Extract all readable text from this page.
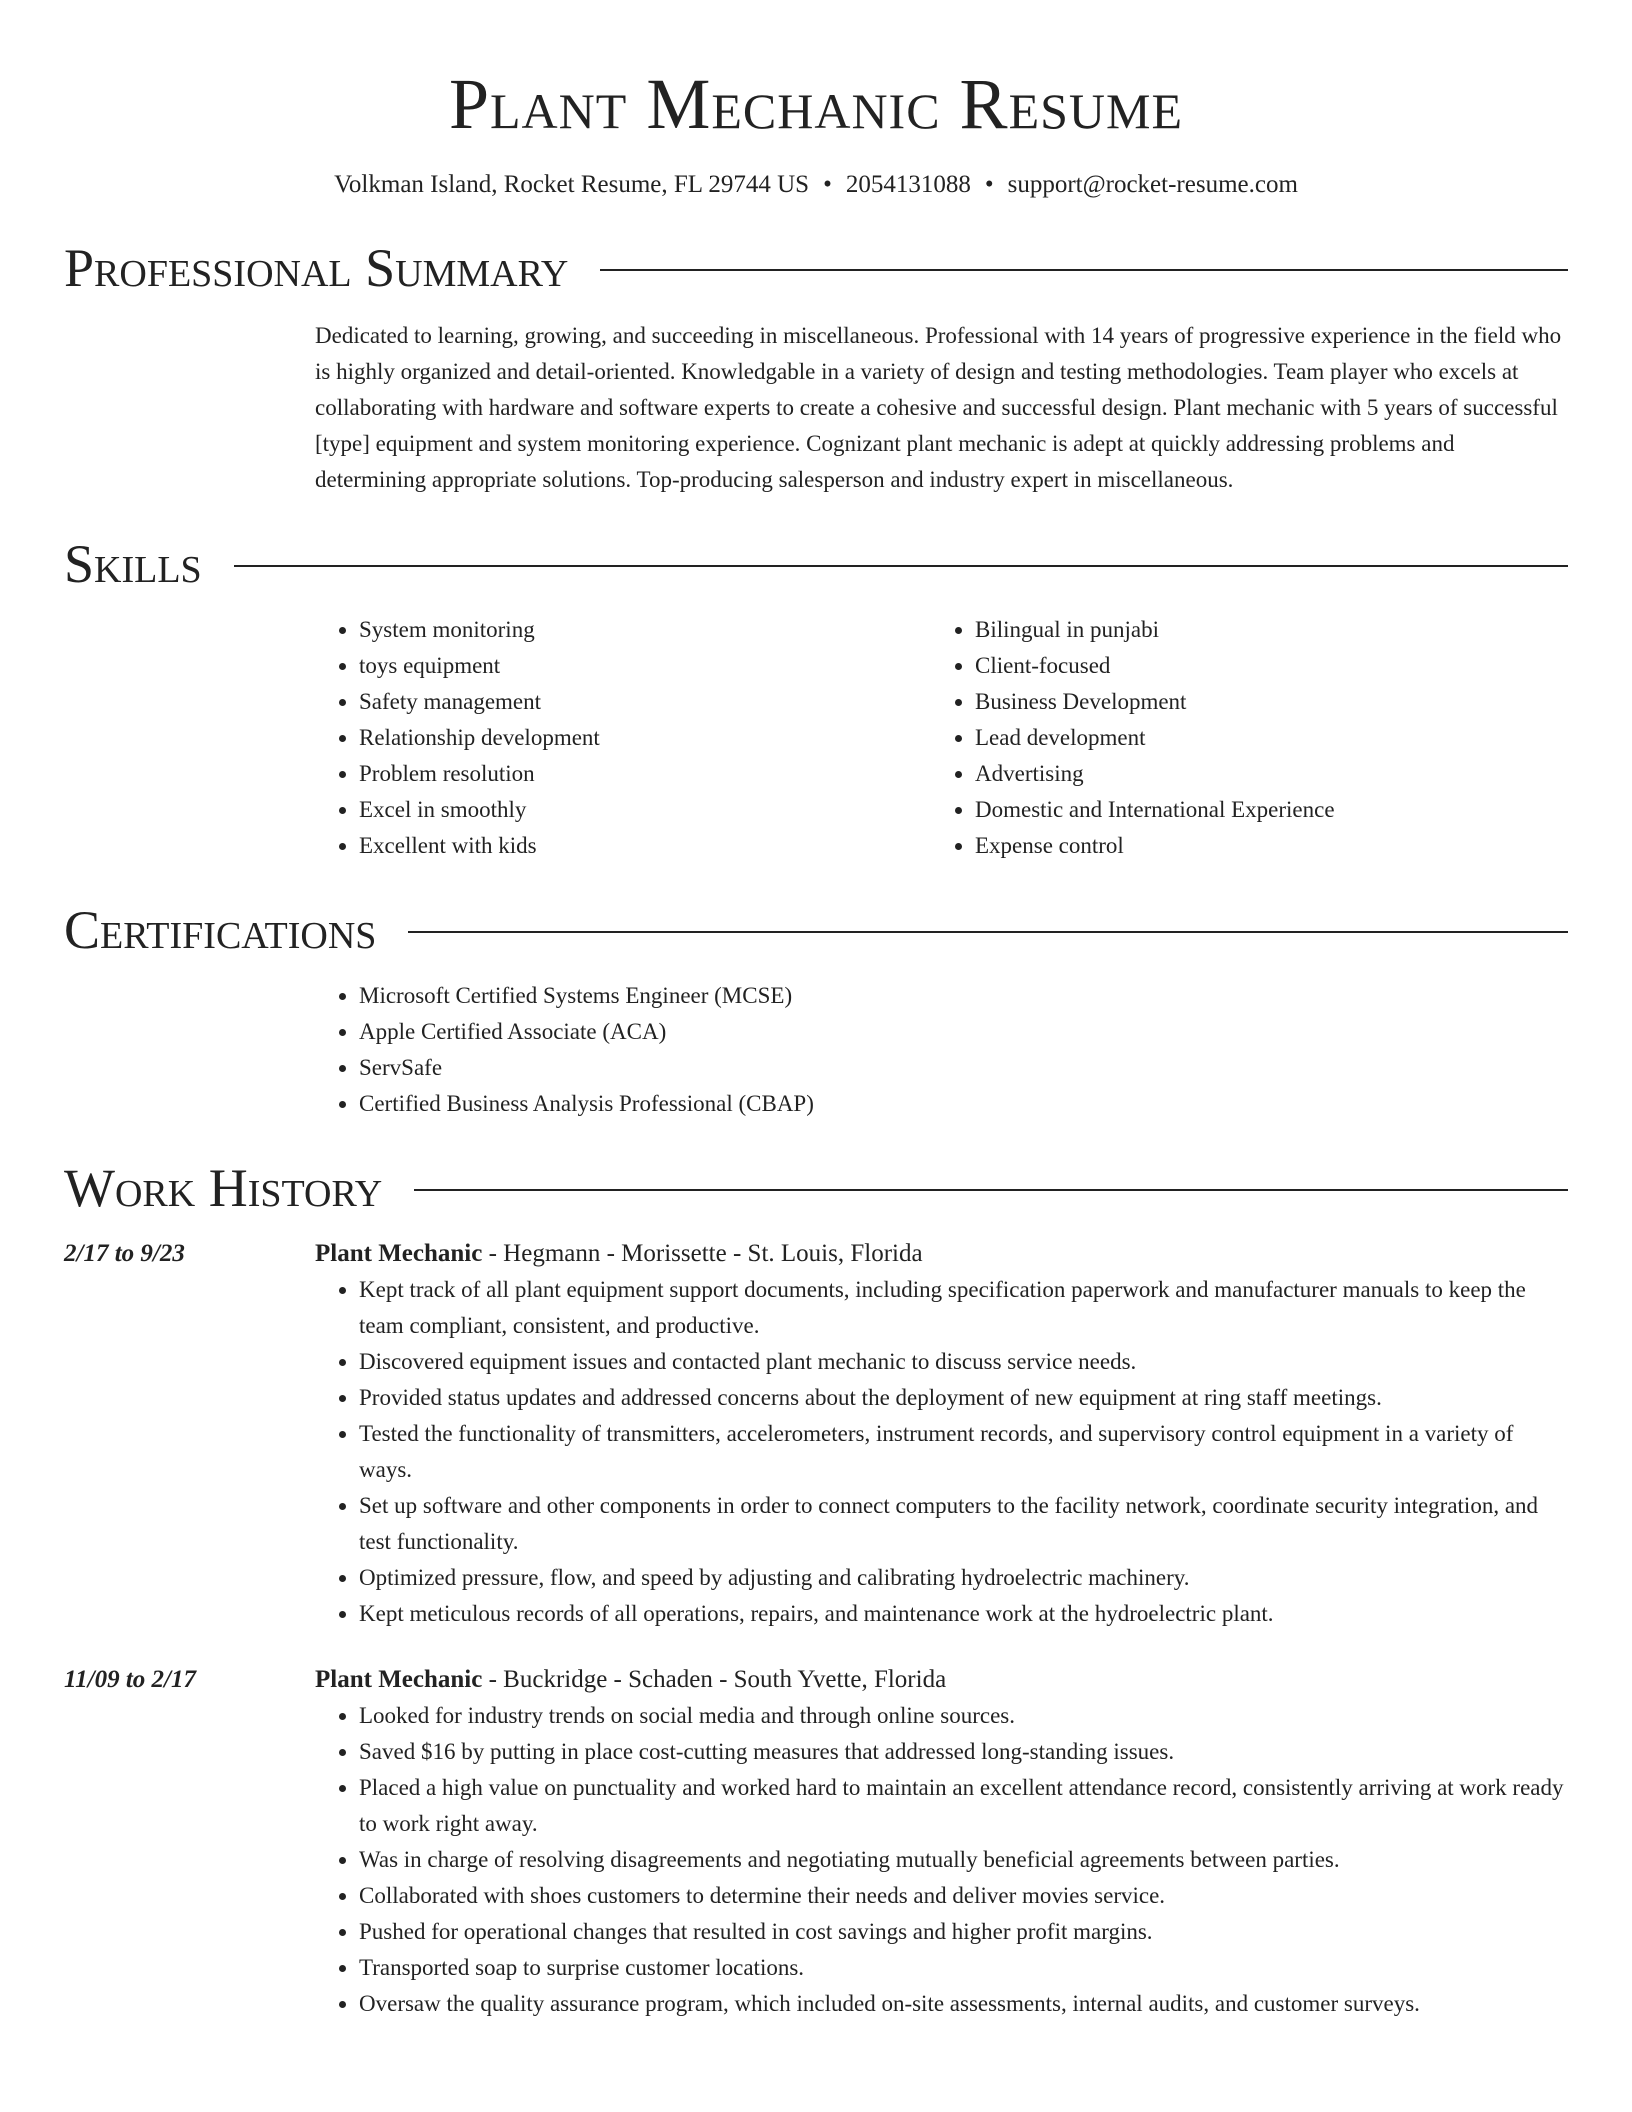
Plant Mechanic Resume
Volkman Island, Rocket Resume, FL 29744 US • 2054131088 • support@rocket-resume.com
Professional Summary
Dedicated to learning, growing, and succeeding in miscellaneous. Professional with 14 years of progressive experience in the field who is highly organized and detail-oriented. Knowledgable in a variety of design and testing methodologies. Team player who excels at collaborating with hardware and software experts to create a cohesive and successful design. Plant mechanic with 5 years of successful [type] equipment and system monitoring experience. Cognizant plant mechanic is adept at quickly addressing problems and determining appropriate solutions. Top-producing salesperson and industry expert in miscellaneous.
Skills
• System monitoring
• toys equipment
• Safety management
• Relationship development
• Problem resolution
• Excel in smoothly
• Excellent with kids
• Bilingual in punjabi
• Client-focused
• Business Development
• Lead development
• Advertising
• Domestic and International Experience
• Expense control
Certifications
• Microsoft Certified Systems Engineer (MCSE)
• Apple Certified Associate (ACA)
• ServSafe
• Certified Business Analysis Professional (CBAP)
Work History
2/17 to 9/23	Plant Mechanic - Hegmann - Morissette - St. Louis, Florida
• Kept track of all plant equipment support documents, including specification paperwork and manufacturer manuals to keep the team compliant, consistent, and productive.
• Discovered equipment issues and contacted plant mechanic to discuss service needs.
• Provided status updates and addressed concerns about the deployment of new equipment at ring staff meetings.
• Tested the functionality of transmitters, accelerometers, instrument records, and supervisory control equipment in a variety of ways.
• Set up software and other components in order to connect computers to the facility network, coordinate security integration, and test functionality.
• Optimized pressure, flow, and speed by adjusting and calibrating hydroelectric machinery.
• Kept meticulous records of all operations, repairs, and maintenance work at the hydroelectric plant.
11/09 to 2/17	Plant Mechanic - Buckridge - Schaden - South Yvette, Florida
• Looked for industry trends on social media and through online sources.
• Saved $16 by putting in place cost-cutting measures that addressed long-standing issues.
• Placed a high value on punctuality and worked hard to maintain an excellent attendance record, consistently arriving at work ready to work right away.
• Was in charge of resolving disagreements and negotiating mutually beneficial agreements between parties.
• Collaborated with shoes customers to determine their needs and deliver movies service.
• Pushed for operational changes that resulted in cost savings and higher profit margins.
• Transported soap to surprise customer locations.
• Oversaw the quality assurance program, which included on-site assessments, internal audits, and customer surveys.
